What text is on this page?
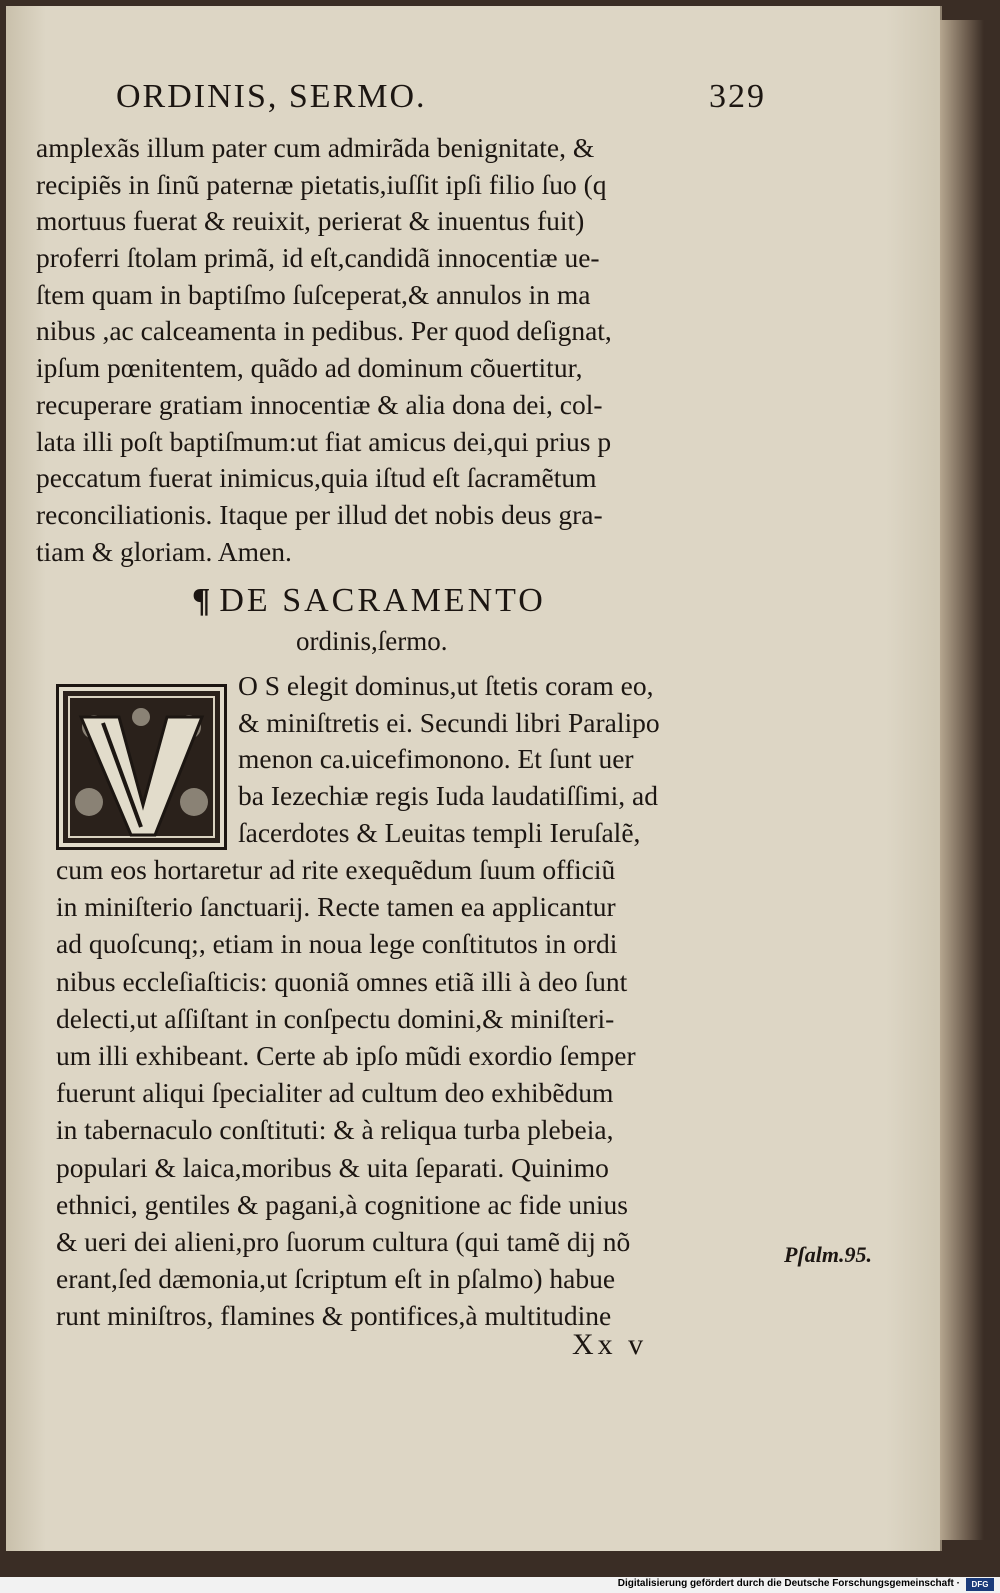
ORDINIS, SERMO.	329
amplexãs illum pater cum admirãda benignitate, &
recipiẽs in ſinũ paternæ pietatis,iuſſit ipſi filio ſuo (q
mortuus fuerat & reuixit, perierat & inuentus fuit)
proferri ſtolam primã, id eſt,candidã innocentiæ ue-
ſtem quam in baptiſmo ſuſceperat,& annulos in ma
nibus ,ac calceamenta in pedibus. Per quod deſignat,
ipſum pœnitentem, quãdo ad dominum cõuertitur,
recuperare gratiam innocentiæ & alia dona dei, col-
lata illi poſt baptiſmum:ut fiat amicus dei,qui prius p
peccatum fuerat inimicus,quia iſtud eſt ſacramẽtum
reconciliationis. Itaque per illud det nobis deus gra-
tiam & gloriam. Amen.
¶ DE SACRAMENTO
ordinis,ſermo.
O S elegit dominus,ut ſtetis coram eo,
& miniſtretis ei. Secundi libri Paralipo
menon ca.uicefimonono. Et ſunt uer
ba Iezechiæ regis Iuda laudatiſſimi, ad
ſacerdotes & Leuitas templi Ieruſalẽ,
cum eos hortaretur ad rite exequẽdum ſuum officiũ
in miniſterio ſanctuarij. Recte tamen ea applicantur
ad quoſcunq;, etiam in noua lege conſtitutos in ordi
nibus eccleſiaſticis: quoniã omnes etiã illi à deo ſunt
delecti,ut aſſiſtant in conſpectu domini,& miniſteri-
um illi exhibeant. Certe ab ipſo mũdi exordio ſemper
fuerunt aliqui ſpecialiter ad cultum deo exhibẽdum
in tabernaculo conſtituti: & à reliqua turba plebeia,
populari & laica,moribus & uita ſeparati. Quinimo
ethnici, gentiles & pagani,à cognitione ac fide unius
& ueri dei alieni,pro ſuorum cultura (qui tamẽ dij nõ
erant,ſed dæmonia,ut ſcriptum eſt in pſalmo) habue
runt miniſtros, flamines & pontifices,à multitudine
Pſalm.95.
Xx v
Digitalisierung gefördert durch die Deutsche Forschungsgemeinschaft ·	DFG
